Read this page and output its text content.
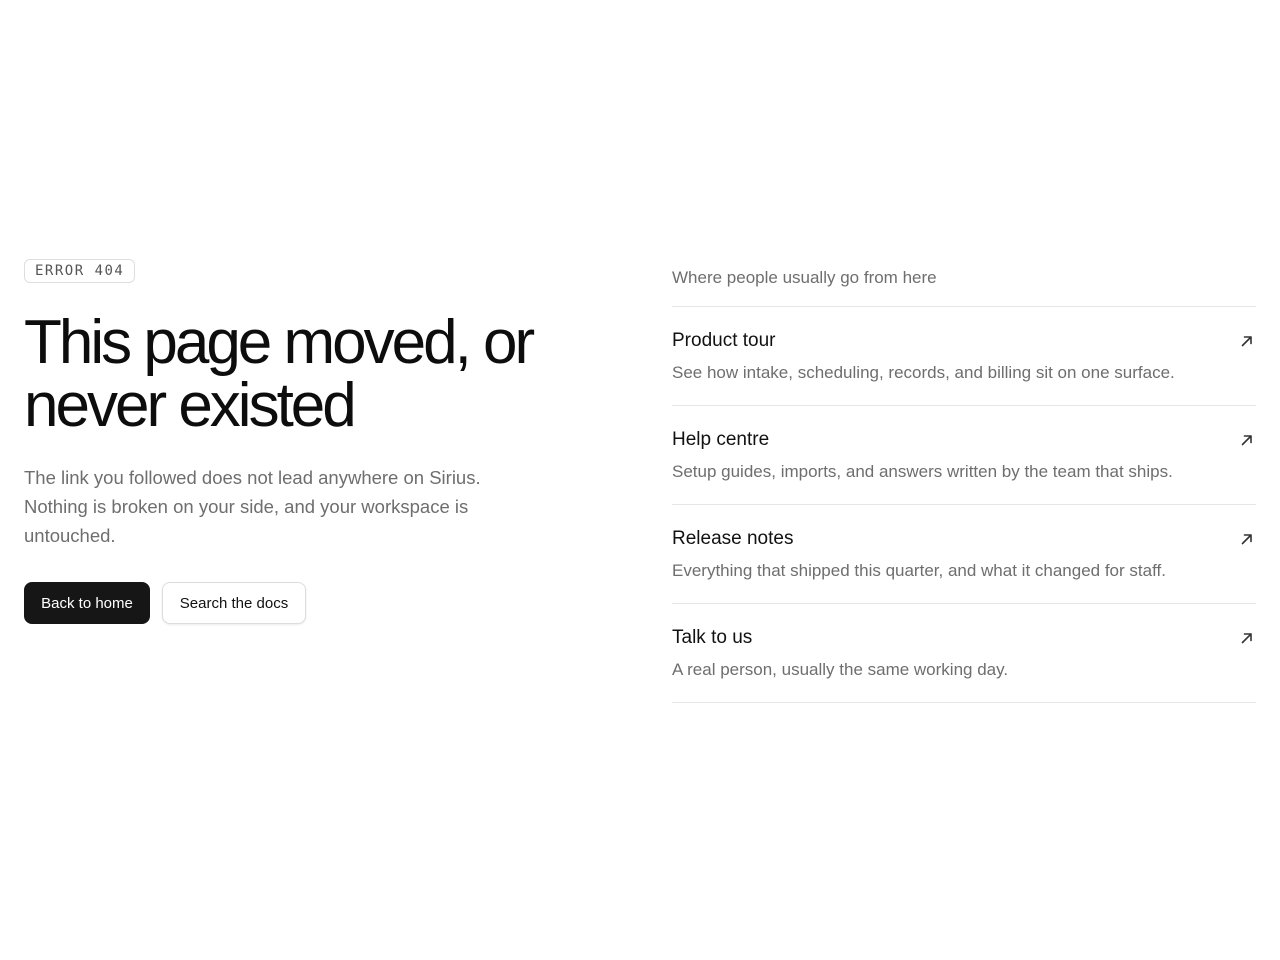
ERROR 404
This page moved, or never existed

The link you followed does not lead anywhere on Sirius. Nothing is broken on your side, and your workspace is untouched.

Back to home	Search the docs
Where people usually go from here
Product tour
See how intake, scheduling, records, and billing sit on one surface.
Help centre
Setup guides, imports, and answers written by the team that ships.
Release notes
Everything that shipped this quarter, and what it changed for staff.
Talk to us
A real person, usually the same working day.
